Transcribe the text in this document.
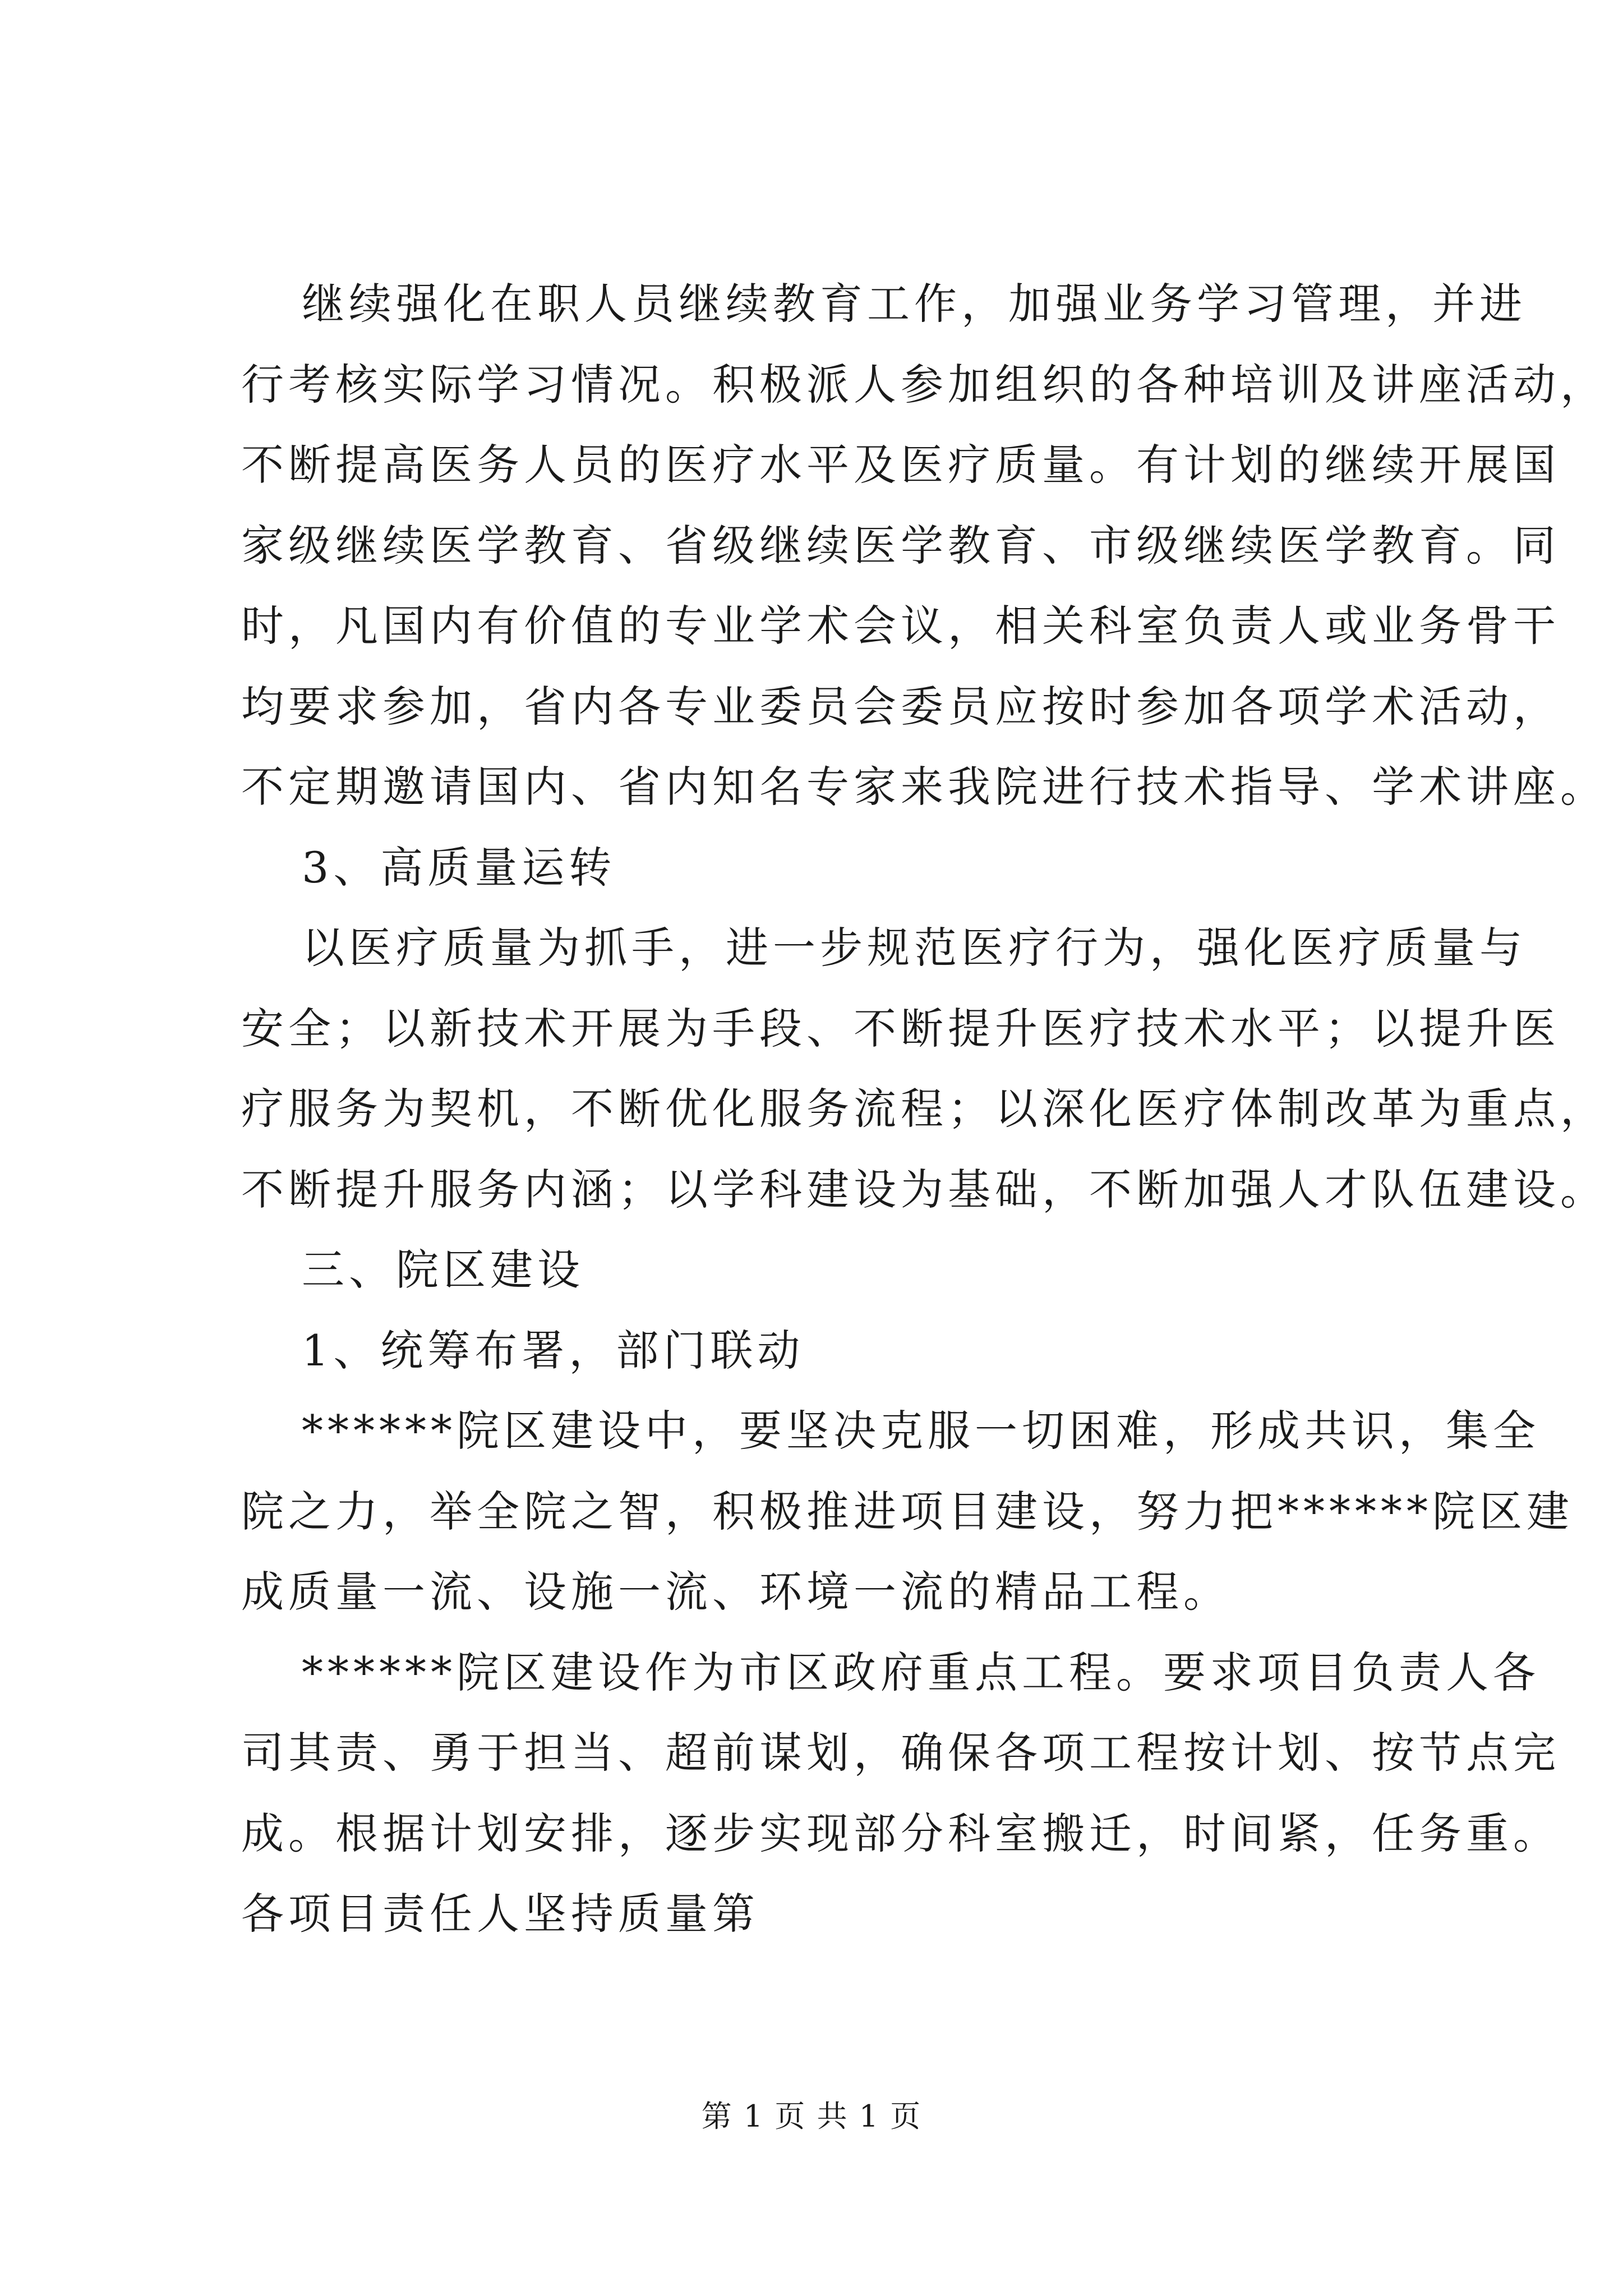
继续强化在职人员继续教育工作，加强业务学习管理，并进
行考核实际学习情况。积极派人参加组织的各种培训及讲座活动，
不断提高医务人员的医疗水平及医疗质量。有计划的继续开展国
家级继续医学教育、省级继续医学教育、市级继续医学教育。同
时，凡国内有价值的专业学术会议，相关科室负责人或业务骨干
均要求参加，省内各专业委员会委员应按时参加各项学术活动，
不定期邀请国内、省内知名专家来我院进行技术指导、学术讲座。
3、高质量运转
以医疗质量为抓手，进一步规范医疗行为，强化医疗质量与
安全；以新技术开展为手段、不断提升医疗技术水平；以提升医
疗服务为契机，不断优化服务流程；以深化医疗体制改革为重点，
不断提升服务内涵；以学科建设为基础，不断加强人才队伍建设。
三、院区建设
1、统筹布署，部门联动
******院区建设中，要坚决克服一切困难，形成共识，集全
院之力，举全院之智，积极推进项目建设，努力把******院区建
成质量一流、设施一流、环境一流的精品工程。
******院区建设作为市区政府重点工程。要求项目负责人各
司其责、勇于担当、超前谋划，确保各项工程按计划、按节点完
成。根据计划安排，逐步实现部分科室搬迁，时间紧，任务重。
各项目责任人坚持质量第
第 1 页 共 1 页
